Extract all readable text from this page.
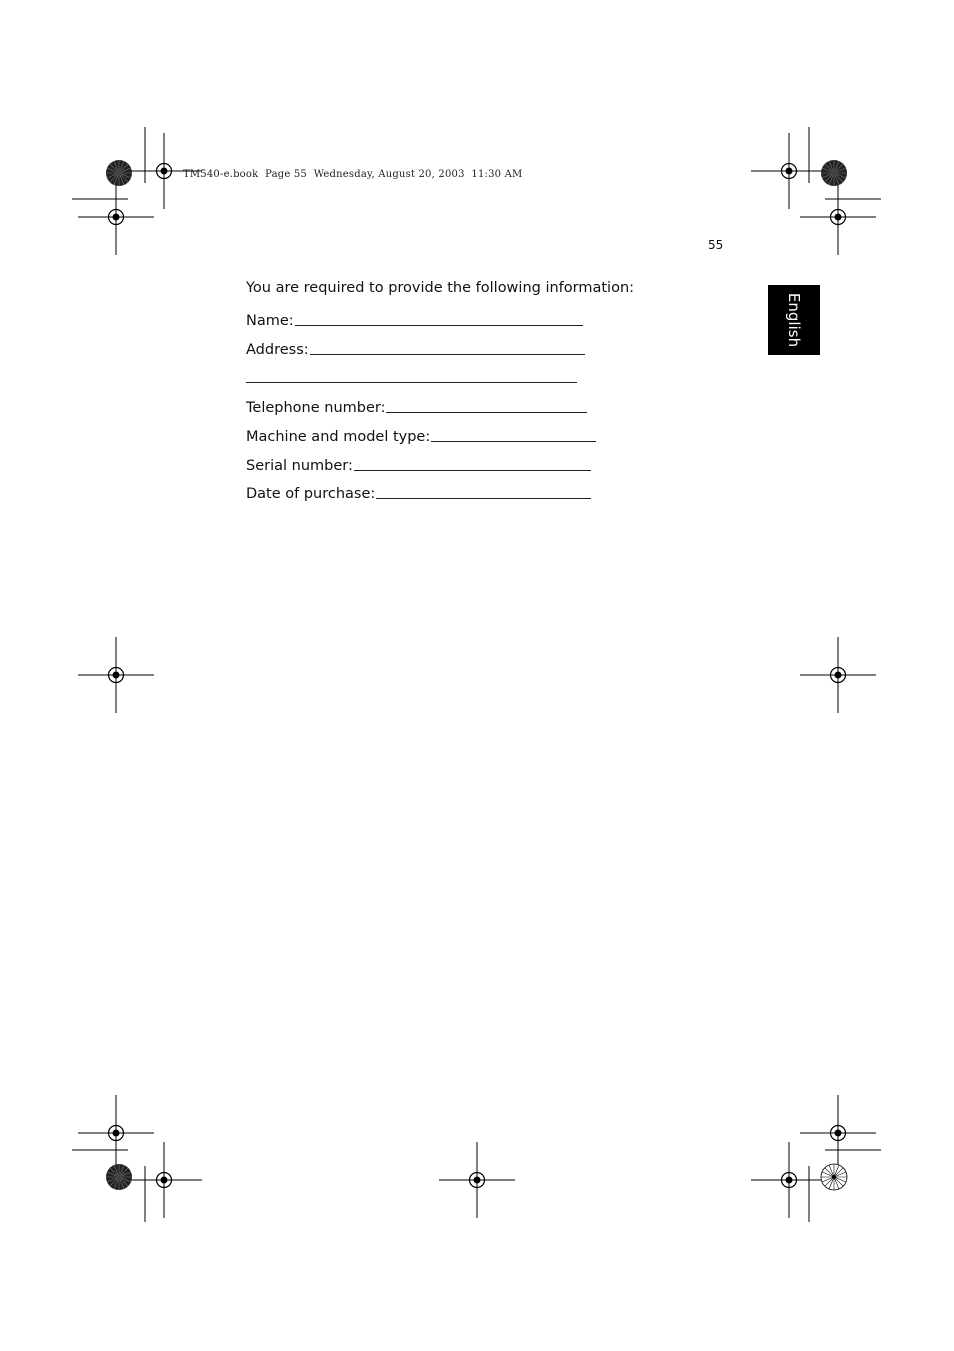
TM540-e.book  Page 55  Wednesday, August 20, 2003  11:30 AM
55
English
You are required to provide the following information:
Name:
Address:
Telephone number:
Machine and model type:
Serial number:
Date of purchase:
